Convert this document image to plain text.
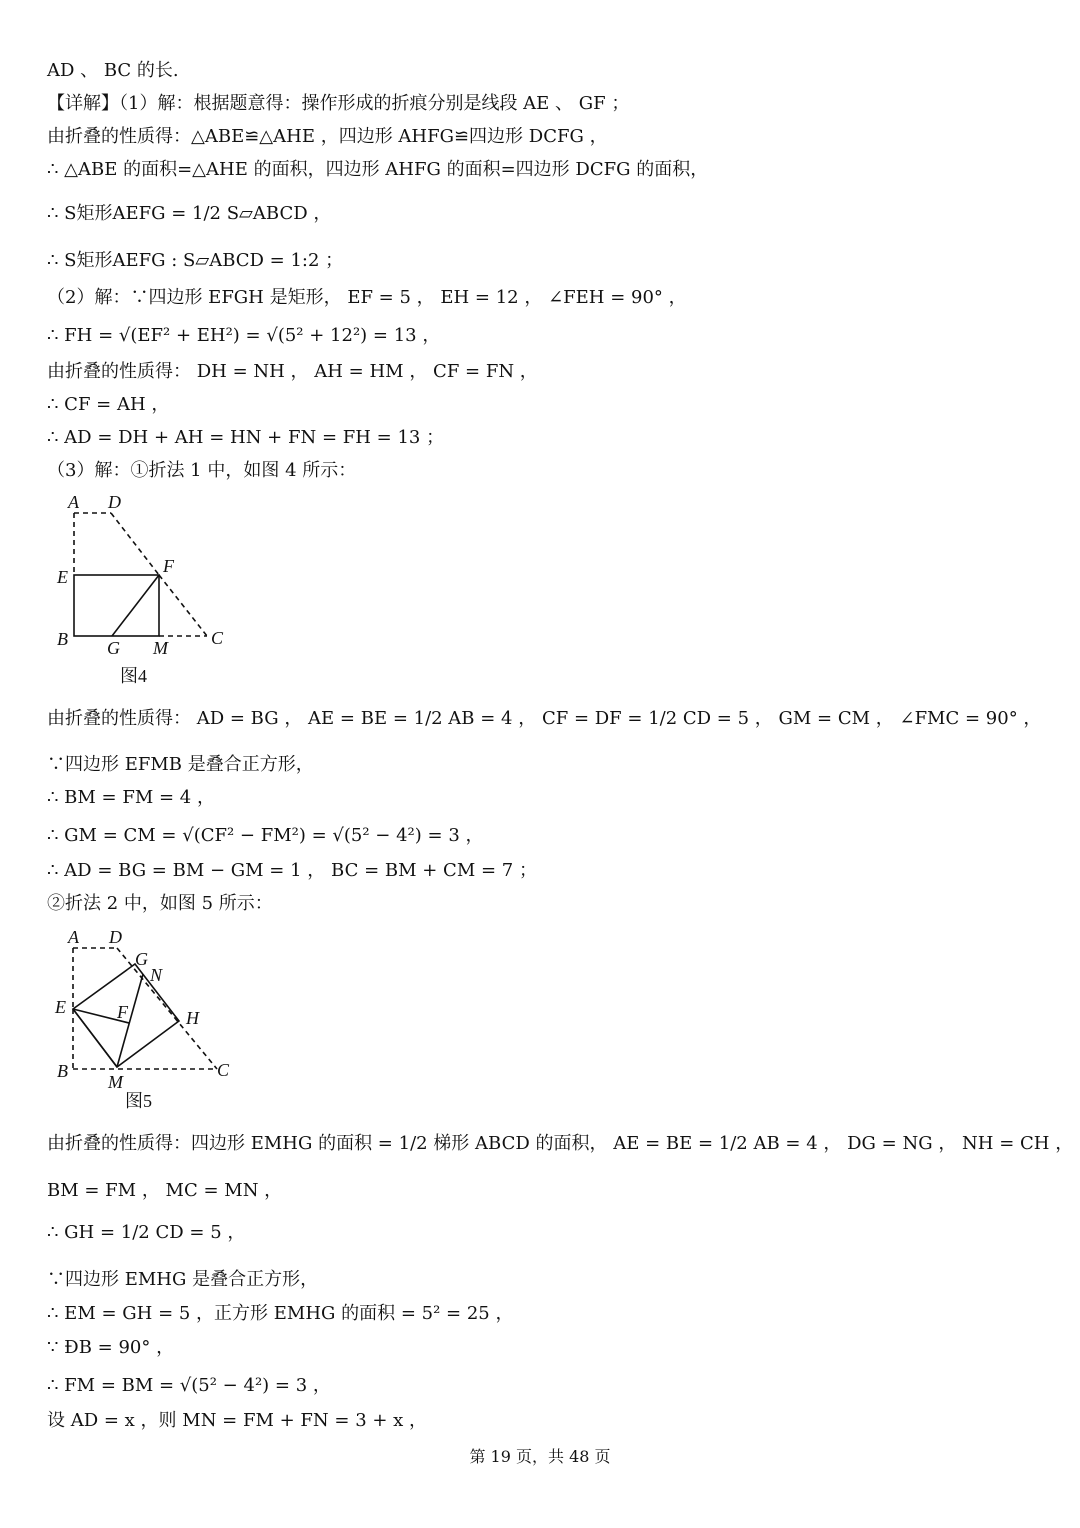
AD 、 BC 的长.
【详解】（1）解：根据题意得：操作形成的折痕分别是线段 AE 、 GF ；
由折叠的性质得：△ABE≌△AHE ，四边形 AHFG≌四边形 DCFG ，
∴ △ABE 的面积=△AHE 的面积，四边形 AHFG 的面积=四边形 DCFG 的面积，
∴ S矩形AEFG = 1/2 S▱ABCD ，
∴ S矩形AEFG : S▱ABCD = 1:2 ；
（2）解：∵四边形 EFGH 是矩形， EF = 5 ， EH = 12 ， ∠FEH = 90° ，
∴ FH = √(EF² + EH²) = √(5² + 12²) = 13 ，
由折叠的性质得： DH = NH ， AH = HM ， CF = FN ，
∴ CF = AH ，
∴ AD = DH + AH = HN + FN = FH = 13 ；
（3）解：①折法 1 中，如图 4 所示：
A D
E
F
B G M C
图4
由折叠的性质得： AD = BG ， AE = BE = 1/2 AB = 4 ， CF = DF = 1/2 CD = 5 ， GM = CM ， ∠FMC = 90° ，
∵四边形 EFMB 是叠合正方形，
∴ BM = FM = 4 ，
∴ GM = CM = √(CF² − FM²) = √(5² − 4²) = 3 ，
∴ AD = BG = BM − GM = 1 ， BC = BM + CM = 7 ；
②折法 2 中，如图 5 所示：
A D
G
N
E	F	H
B
M
C
图5
由折叠的性质得：四边形 EMHG 的面积 = 1/2 梯形 ABCD 的面积， AE = BE = 1/2 AB = 4 ， DG = NG ， NH = CH ，
BM = FM ， MC = MN ，
∴ GH = 1/2 CD = 5 ，
∵四边形 EMHG 是叠合正方形，
∴ EM = GH = 5 ，正方形 EMHG 的面积 = 5² = 25 ，
∵ ÐB = 90° ，
∴ FM = BM = √(5² − 4²) = 3 ，
设 AD = x ，则 MN = FM + FN = 3 + x ，
第 19 页，共 48 页
